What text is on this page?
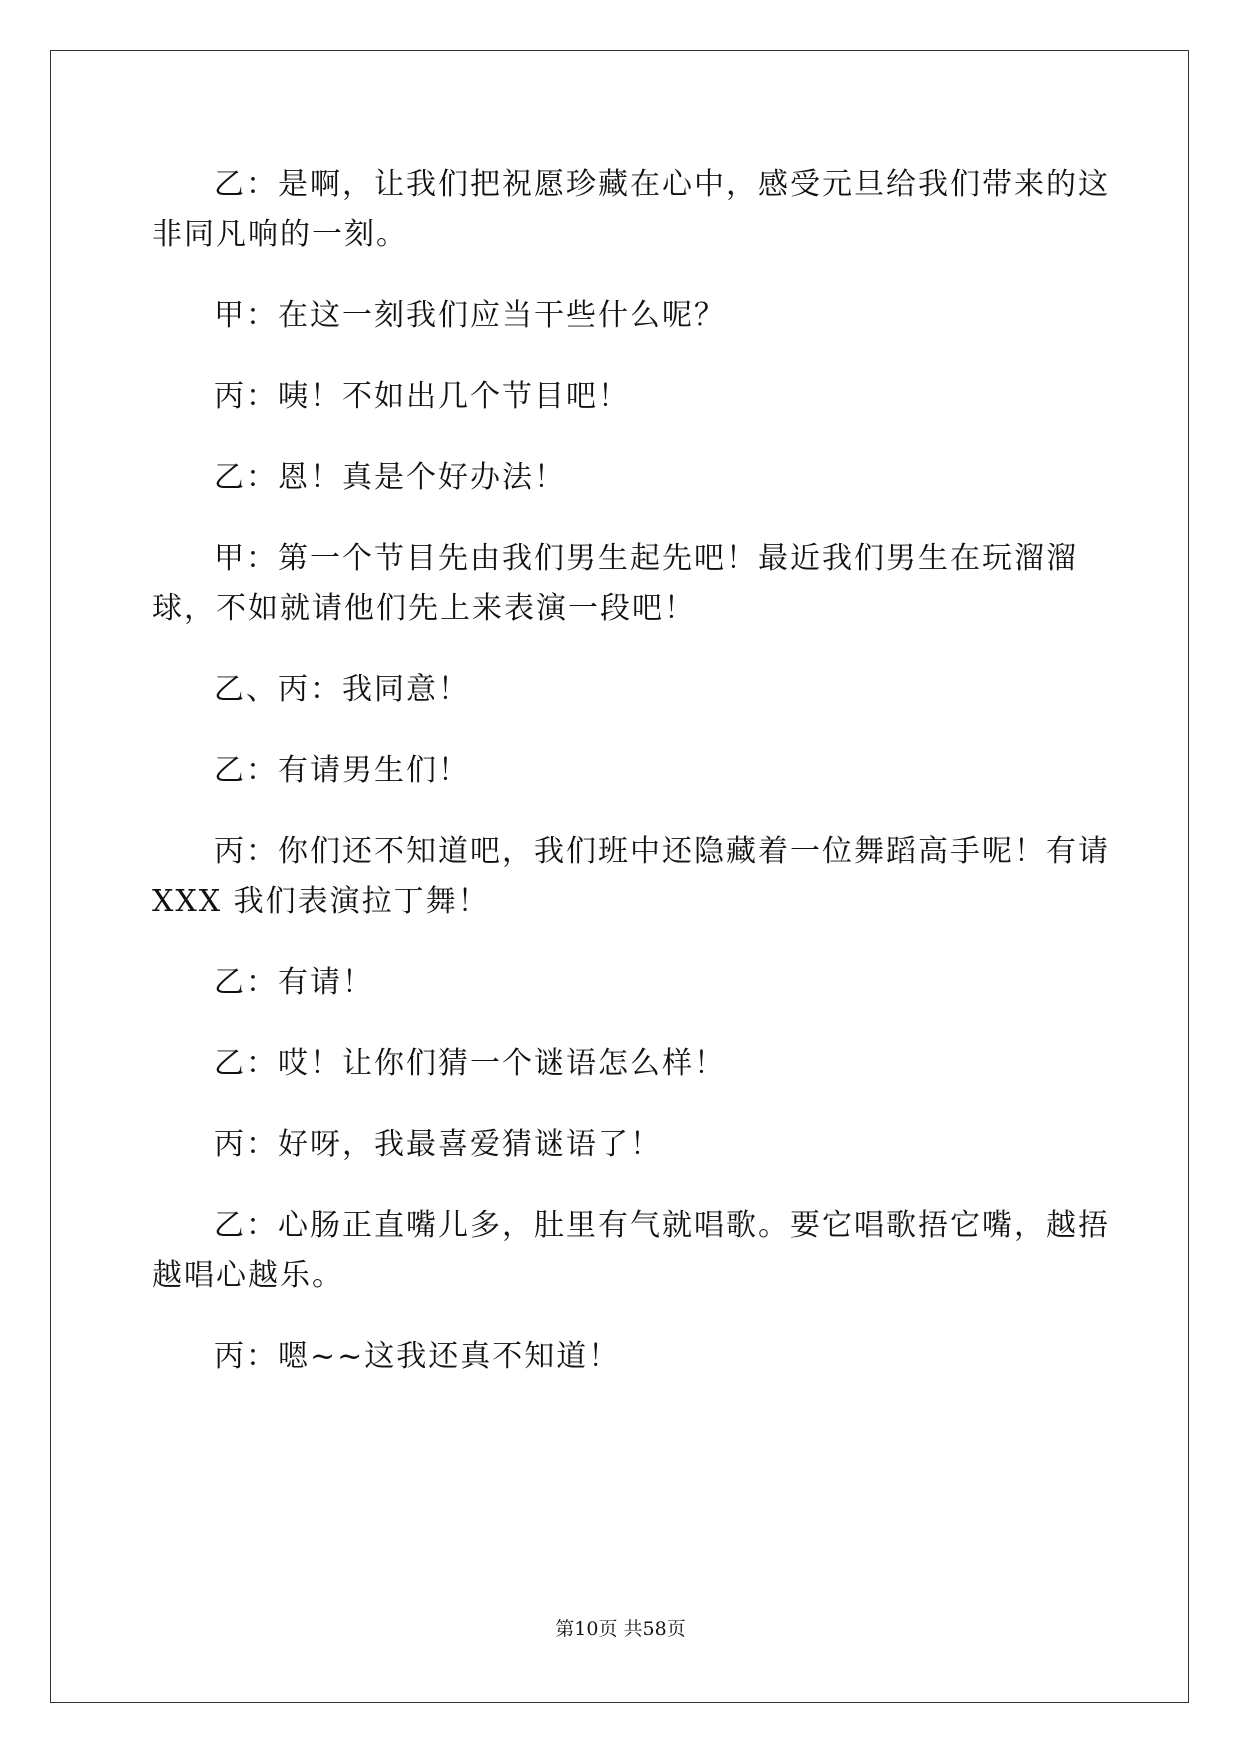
乙：是啊，让我们把祝愿珍藏在心中，感受元旦给我们带来的这非同凡响的一刻。

甲：在这一刻我们应当干些什么呢？

丙：咦！不如出几个节目吧！

乙：恩！真是个好办法！

甲：第一个节目先由我们男生起先吧！最近我们男生在玩溜溜球，不如就请他们先上来表演一段吧！

乙、丙：我同意！

乙：有请男生们！

丙：你们还不知道吧，我们班中还隐藏着一位舞蹈高手呢！有请XXX 我们表演拉丁舞！

乙：有请！

乙：哎！让你们猜一个谜语怎么样！

丙：好呀，我最喜爱猜谜语了！

乙：心肠正直嘴儿多，肚里有气就唱歌。要它唱歌捂它嘴，越捂越唱心越乐。

丙：嗯~~这我还真不知道！

第10页 共58页
